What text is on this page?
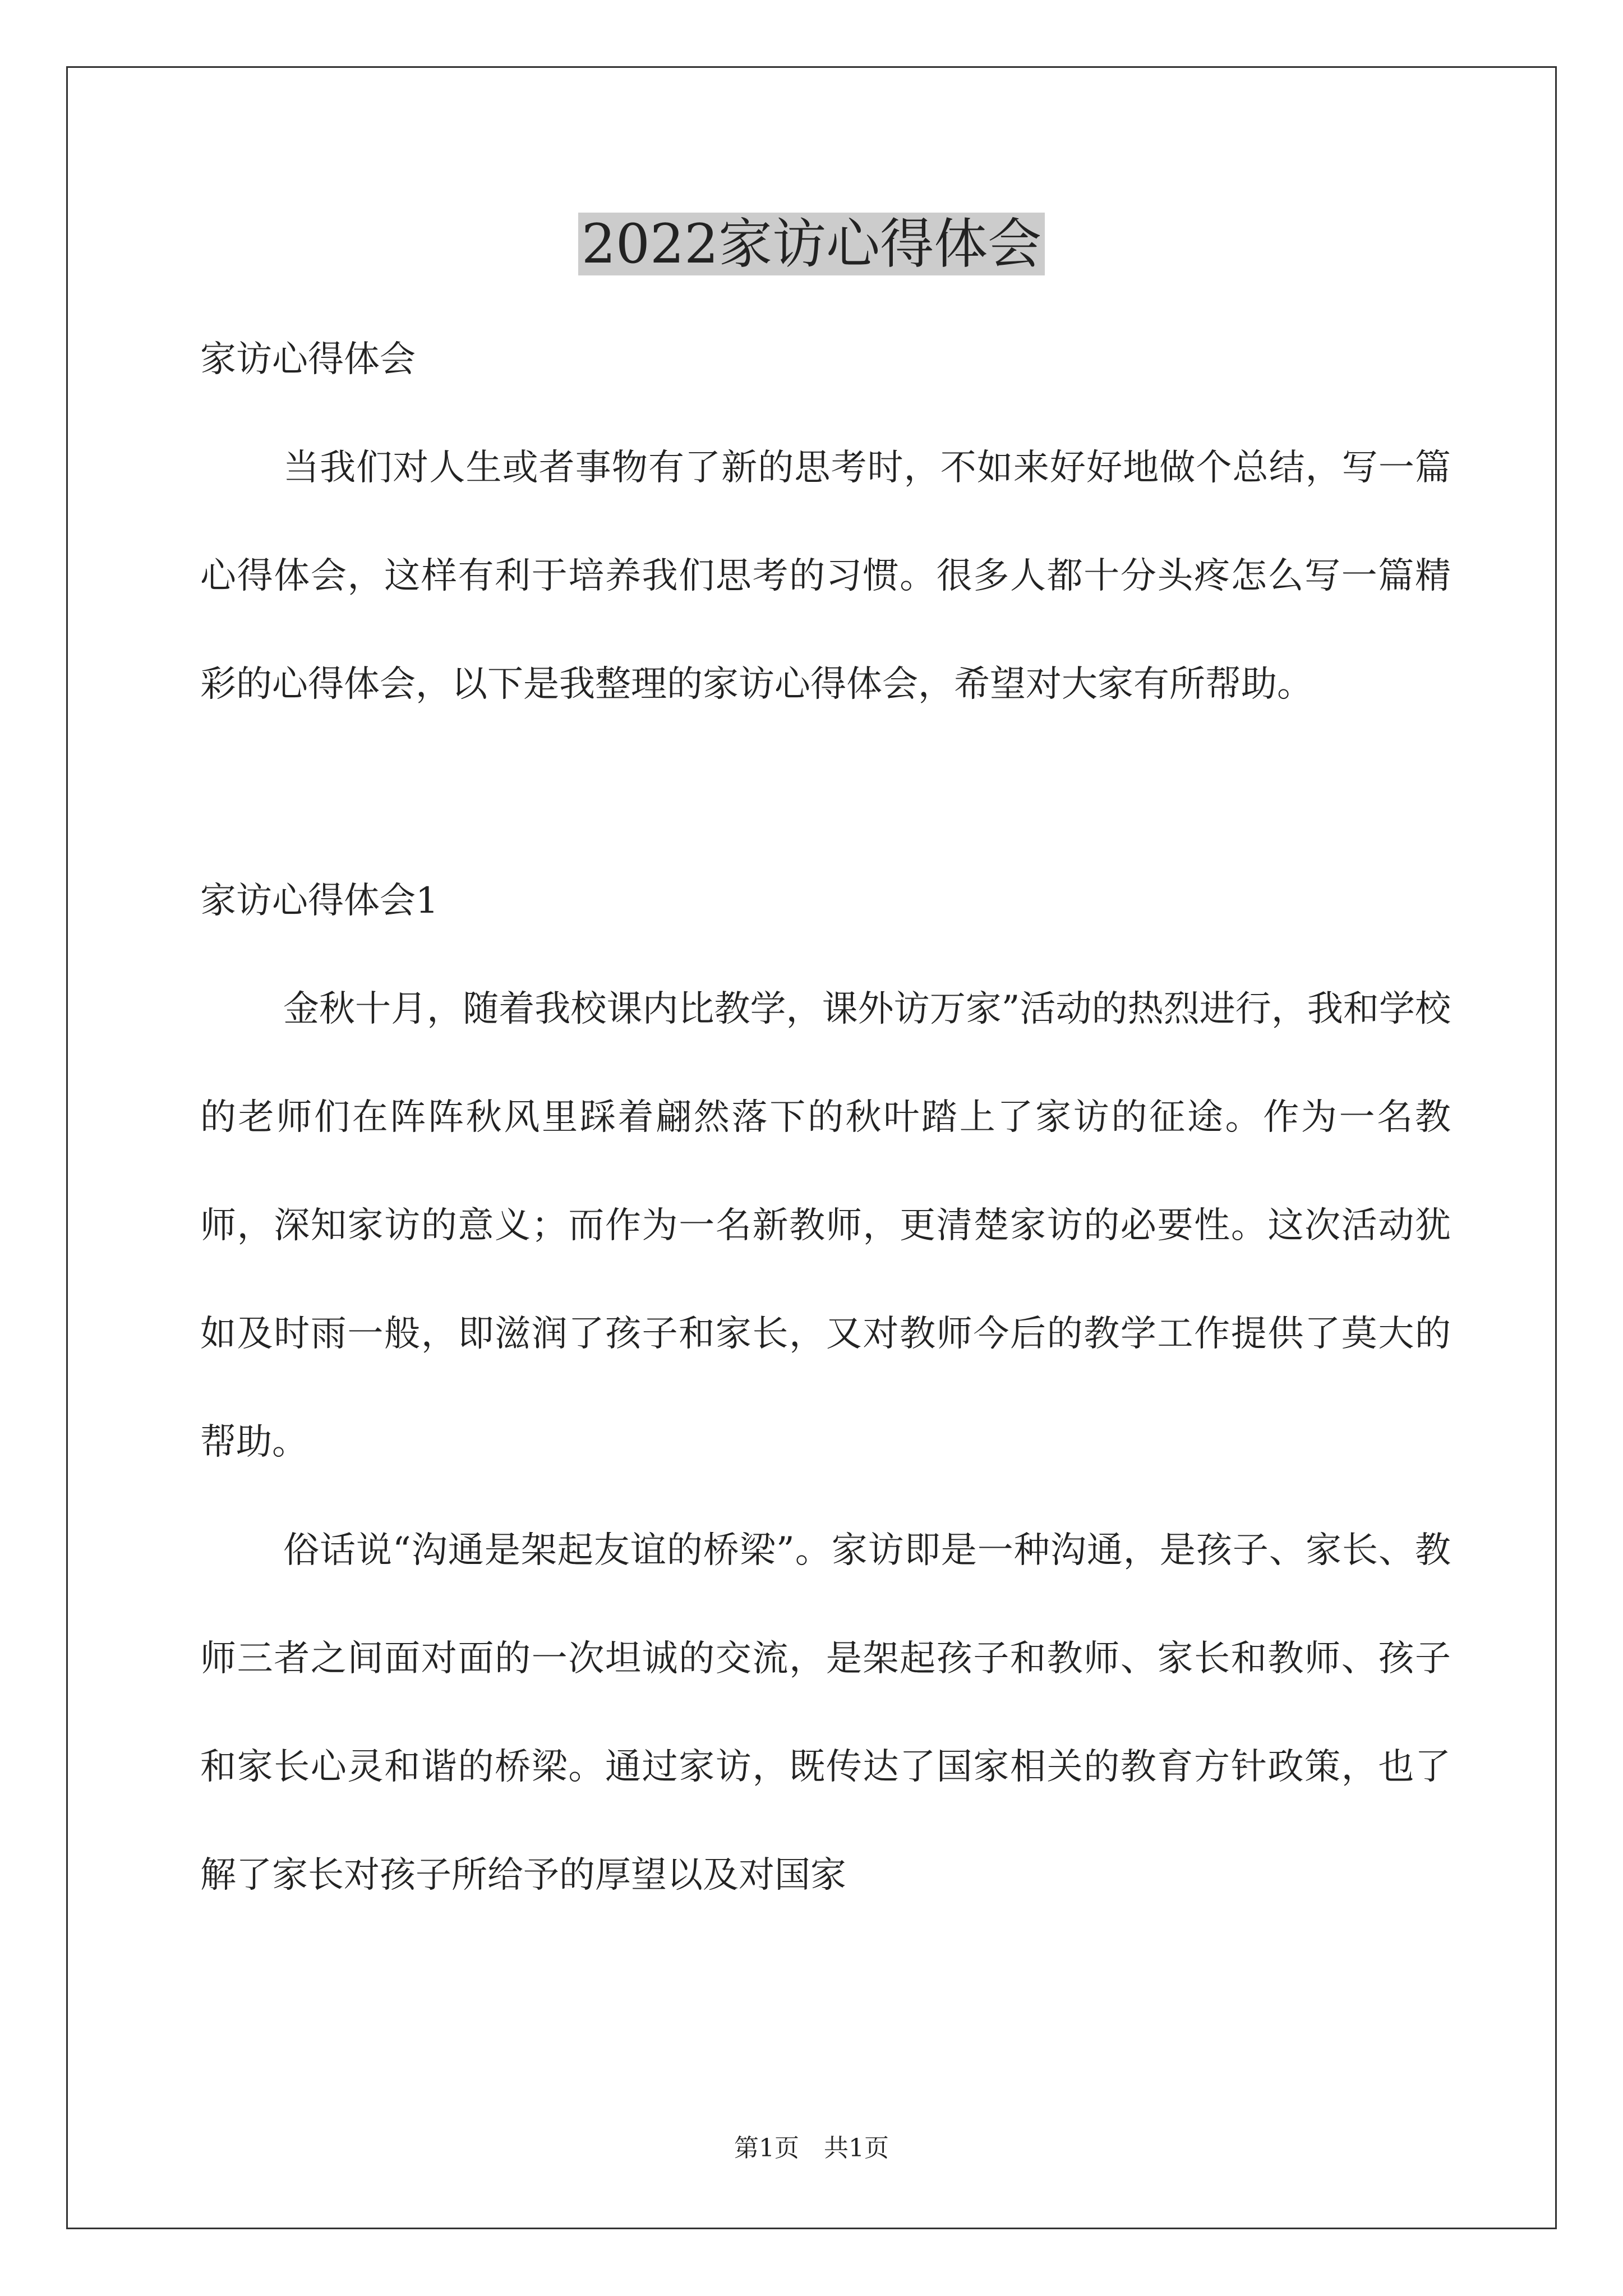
2022家访心得体会

家访心得体会

当我们对人生或者事物有了新的思考时，不如来好好地做个总结，写一篇心得体会，这样有利于培养我们思考的习惯。很多人都十分头疼怎么写一篇精彩的心得体会，以下是我整理的家访心得体会，希望对大家有所帮助。

家访心得体会1

金秋十月，随着我校课内比教学，课外访万家”活动的热烈进行，我和学校的老师们在阵阵秋风里踩着翩然落下的秋叶踏上了家访的征途。作为一名教师，深知家访的意义；而作为一名新教师，更清楚家访的必要性。这次活动犹如及时雨一般，即滋润了孩子和家长，又对教师今后的教学工作提供了莫大的帮助。

俗话说“沟通是架起友谊的桥梁”。家访即是一种沟通，是孩子、家长、教师三者之间面对面的一次坦诚的交流，是架起孩子和教师、家长和教师、孩子和家长心灵和谐的桥梁。通过家访，既传达了国家相关的教育方针政策，也了解了家长对孩子所给予的厚望以及对国家

第1页　共1页
